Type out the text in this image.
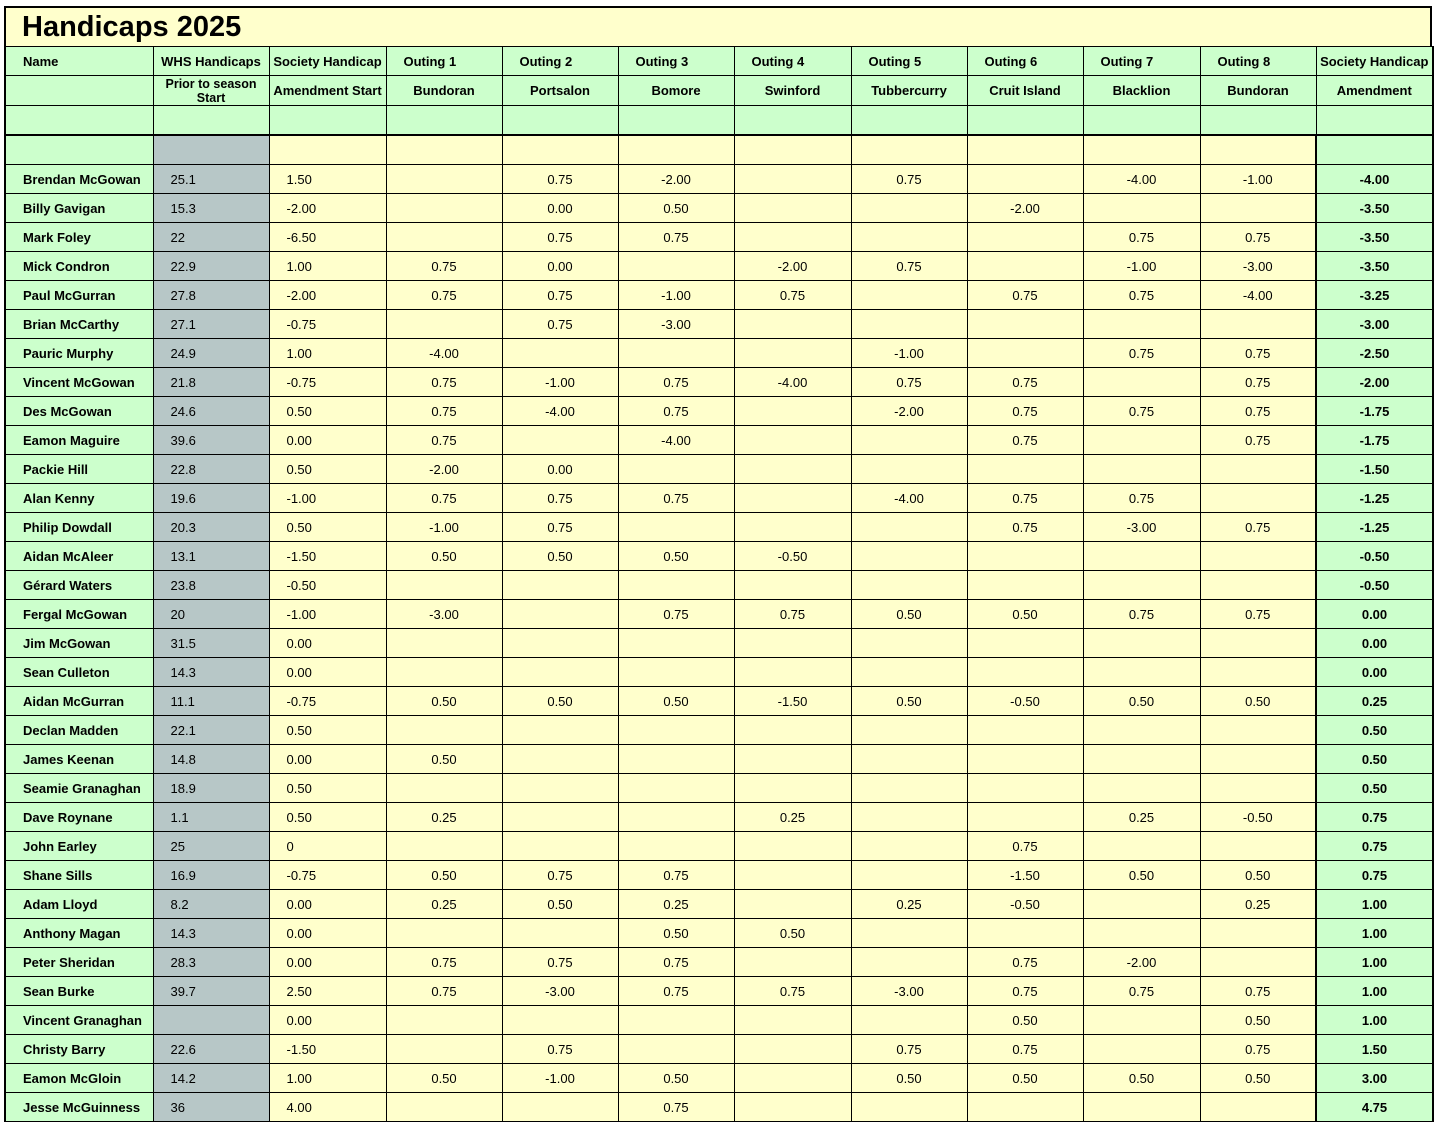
Handicaps 2025
Name	WHS Handicaps	Society Handicap	Outing 1	Outing 2	Outing 3	Outing 4	Outing 5	Outing 6	Outing 7	Outing 8	Society Handicap
	Prior to season Start	Amendment Start	Bundoran	Portsalon	Bomore	Swinford	Tubbercurry	Cruit Island	Blacklion	Bundoran	Amendment

Brendan McGowan	25.1	1.50		0.75	-2.00		0.75		-4.00	-1.00	-4.00
Billy Gavigan	15.3	-2.00		0.00	0.50			-2.00			-3.50
Mark Foley	22	-6.50		0.75	0.75				0.75	0.75	-3.50
Mick Condron	22.9	1.00	0.75	0.00		-2.00	0.75		-1.00	-3.00	-3.50
Paul McGurran	27.8	-2.00	0.75	0.75	-1.00	0.75		0.75	0.75	-4.00	-3.25
Brian McCarthy	27.1	-0.75		0.75	-3.00						-3.00
Pauric Murphy	24.9	1.00	-4.00				-1.00		0.75	0.75	-2.50
Vincent McGowan	21.8	-0.75	0.75	-1.00	0.75	-4.00	0.75	0.75		0.75	-2.00
Des McGowan	24.6	0.50	0.75	-4.00	0.75		-2.00	0.75	0.75	0.75	-1.75
Eamon Maguire	39.6	0.00	0.75		-4.00			0.75		0.75	-1.75
Packie Hill	22.8	0.50	-2.00	0.00							-1.50
Alan Kenny	19.6	-1.00	0.75	0.75	0.75		-4.00	0.75	0.75		-1.25
Philip Dowdall	20.3	0.50	-1.00	0.75				0.75	-3.00	0.75	-1.25
Aidan McAleer	13.1	-1.50	0.50	0.50	0.50	-0.50					-0.50
Gérard Waters	23.8	-0.50									-0.50
Fergal McGowan	20	-1.00	-3.00		0.75	0.75	0.50	0.50	0.75	0.75	0.00
Jim McGowan	31.5	0.00									0.00
Sean Culleton	14.3	0.00									0.00
Aidan McGurran	11.1	-0.75	0.50	0.50	0.50	-1.50	0.50	-0.50	0.50	0.50	0.25
Declan Madden	22.1	0.50									0.50
James Keenan	14.8	0.00	0.50								0.50
Seamie Granaghan	18.9	0.50									0.50
Dave Roynane	1.1	0.50	0.25			0.25			0.25	-0.50	0.75
John Earley	25	0						0.75			0.75
Shane Sills	16.9	-0.75	0.50	0.75	0.75			-1.50	0.50	0.50	0.75
Adam Lloyd	8.2	0.00	0.25	0.50	0.25		0.25	-0.50		0.25	1.00
Anthony Magan	14.3	0.00			0.50	0.50					1.00
Peter Sheridan	28.3	0.00	0.75	0.75	0.75			0.75	-2.00		1.00
Sean Burke	39.7	2.50	0.75	-3.00	0.75	0.75	-3.00	0.75	0.75	0.75	1.00
Vincent Granaghan		0.00						0.50		0.50	1.00
Christy Barry	22.6	-1.50		0.75			0.75	0.75		0.75	1.50
Eamon McGloin	14.2	1.00	0.50	-1.00	0.50		0.50	0.50	0.50	0.50	3.00
Jesse McGuinness	36	4.00			0.75						4.75
